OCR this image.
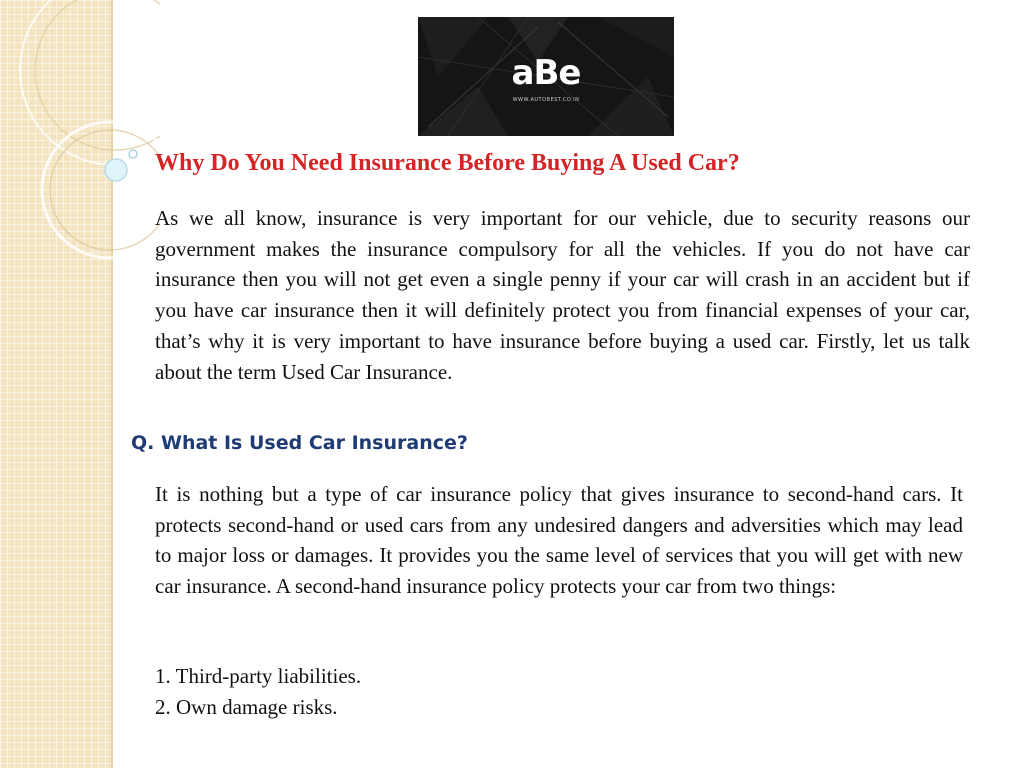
aBe
WWW.AUTOBEST.CO.IN
Why Do You Need Insurance Before Buying A Used Car?

As we all know, insurance is very important for our vehicle, due to security reasons our government makes the insurance compulsory for all the vehicles. If you do not have car insurance then you will not get even a single penny if your car will crash in an accident but if you have car insurance then it will definitely protect you from financial expenses of your car, that’s why it is very important to have insurance before buying a used car. Firstly, let us talk about the term Used Car Insurance.

Q. What Is Used Car Insurance?

It is nothing but a type of car insurance policy that gives insurance to second-hand cars. It protects second-hand or used cars from any undesired dangers and adversities which may lead to major loss or damages. It provides you the same level of services that you will get with new car insurance. A second-hand insurance policy protects your car from two things:

1. Third-party liabilities.
2. Own damage risks.
